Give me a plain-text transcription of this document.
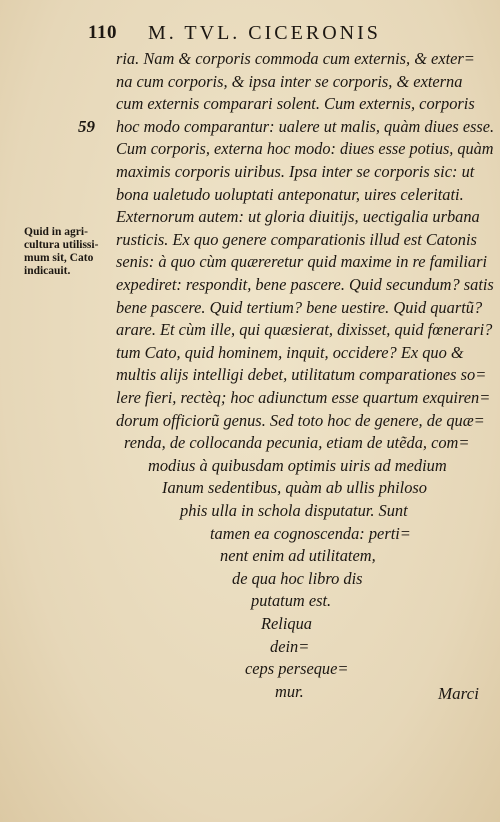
110 M. TVL. CICERONIS
59
Quid in agri-
cultura utilissi-
mum sit, Cato
indicauit.
ria. Nam & corporis commoda cum externis, & exter=
na cum corporis, & ipsa inter se corporis, & externa
cum externis comparari solent. Cum externis, corporis
hoc modo comparantur: ualere ut malis, quàm diues esse.
Cum corporis, externa hoc modo: diues esse potius, quàm
maximis corporis uiribus. Ipsa inter se corporis sic: ut
bona ualetudo uoluptati anteponatur, uires celeritati.
Externorum autem: ut gloria diuitijs, uectigalia urbana
rusticis. Ex quo genere comparationis illud est Catonis
senis: à quo cùm quæreretur quid maxime in re familiari
expediret: respondit, bene pascere. Quid secundum? satis
bene pascere. Quid tertium? bene uestire. Quid quartũ?
arare. Et cùm ille, qui quæsierat, dixisset, quid fœnerari?
tum Cato, quid hominem, inquit, occidere? Ex quo &
multis alijs intelligi debet, utilitatum comparationes so=
lere fieri, rectèq; hoc adiunctum esse quartum exquiren=
dorum officiorũ genus. Sed toto hoc de genere, de quæ=
renda, de collocanda pecunia, etiam de utẽda, com=
modius à quibusdam optimis uiris ad medium
Ianum sedentibus, quàm ab ullis philoso
phis ulla in schola disputatur. Sunt
tamen ea cognoscenda: perti=
nent enim ad utilitatem,
de qua hoc libro dis
putatum est.
Reliqua
dein=
ceps perseque=
mur.	Marci
